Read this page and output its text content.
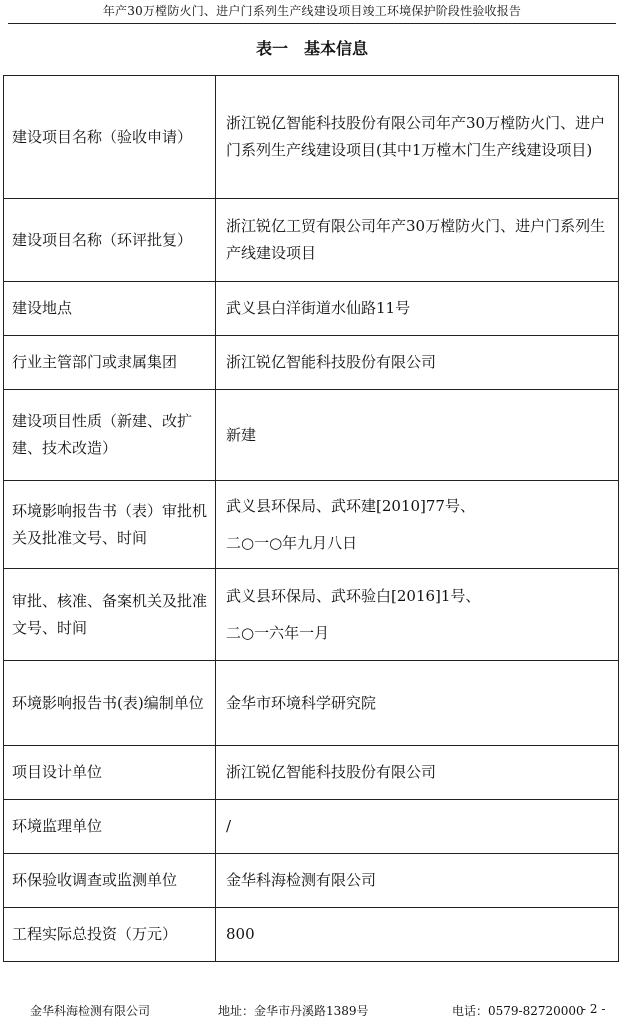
年产30万樘防火门、进户门系列生产线建设项目竣工环境保护阶段性验收报告
表一　基本信息
建设项目名称（验收申请）	浙江锐亿智能科技股份有限公司年产30万樘防火门、进户门系列生产线建设项目(其中1万樘木门生产线建设项目)

建设项目名称（环评批复）	浙江锐亿工贸有限公司年产30万樘防火门、进户门系列生产线建设项目

建设地点	武义县白洋街道水仙路11号

行业主管部门或隶属集团	浙江锐亿智能科技股份有限公司

建设项目性质（新建、改扩建、技术改造）	新建

环境影响报告书（表）审批机关及批准文号、时间	武义县环保局、武环建[2010]77号、
二○一○年九月八日

审批、核准、备案机关及批准文号、时间	武义县环保局、武环验白[2016]1号、
二○一六年一月

环境影响报告书(表)编制单位	金华市环境科学研究院

项目设计单位	浙江锐亿智能科技股份有限公司

环境监理单位	/

环保验收调查或监测单位	金华科海检测有限公司

工程实际总投资（万元）	800
金华科海检测有限公司	地址：金华市丹溪路1389号	电话：0579-82720000
- 2 -
